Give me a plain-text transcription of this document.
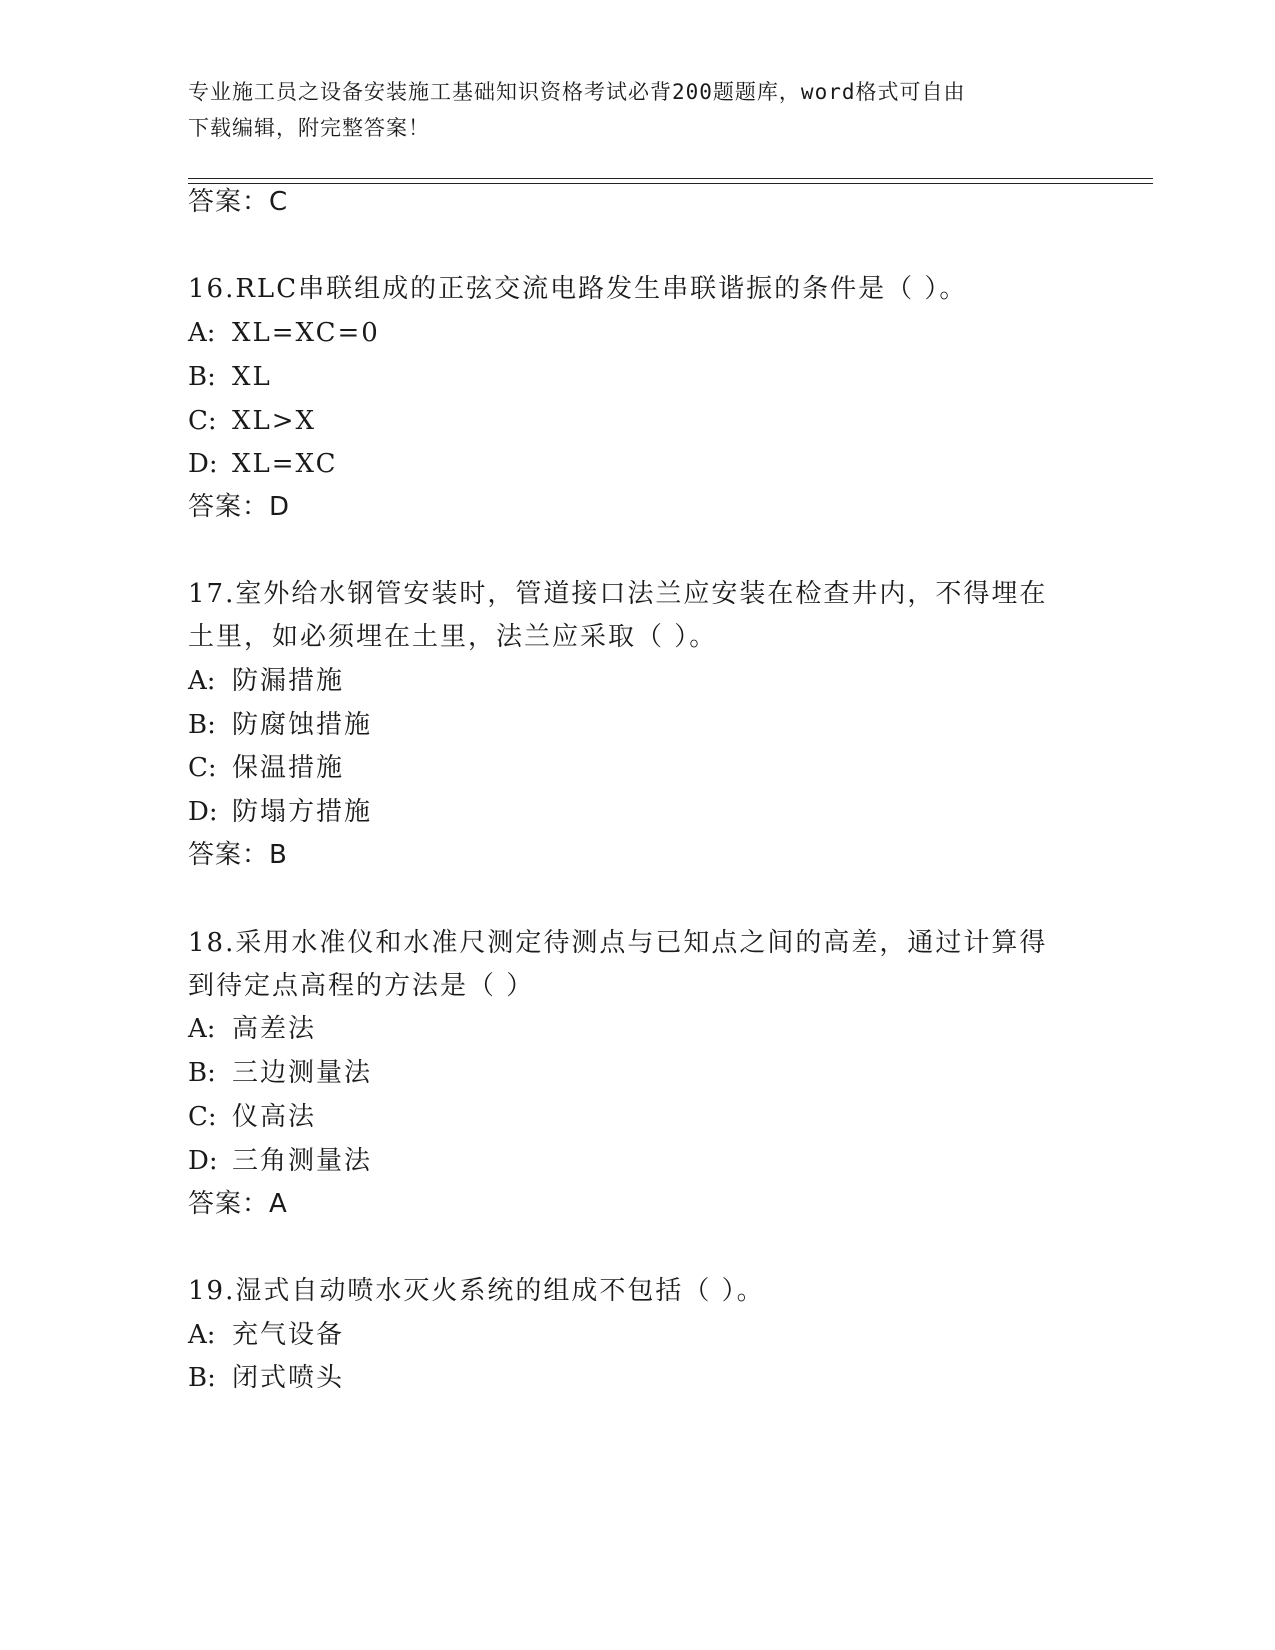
专业施工员之设备安装施工基础知识资格考试必背200题题库，word格式可自由
下载编辑，附完整答案！
答案：C
16.RLC串联组成的正弦交流电路发生串联谐振的条件是（ ）。
A: XL=XC=0
B: XL
C: XL>X
D: XL=XC
答案：D
17.室外给水钢管安装时，管道接口法兰应安装在检查井内，不得埋在
土里，如必须埋在土里，法兰应采取（ ）。
A: 防漏措施
B: 防腐蚀措施
C: 保温措施
D: 防塌方措施
答案：B
18.采用水准仪和水准尺测定待测点与已知点之间的高差，通过计算得
到待定点高程的方法是（ ）
A: 高差法
B: 三边测量法
C: 仪高法
D: 三角测量法
答案：A
19.湿式自动喷水灭火系统的组成不包括（ ）。
A: 充气设备
B: 闭式喷头
